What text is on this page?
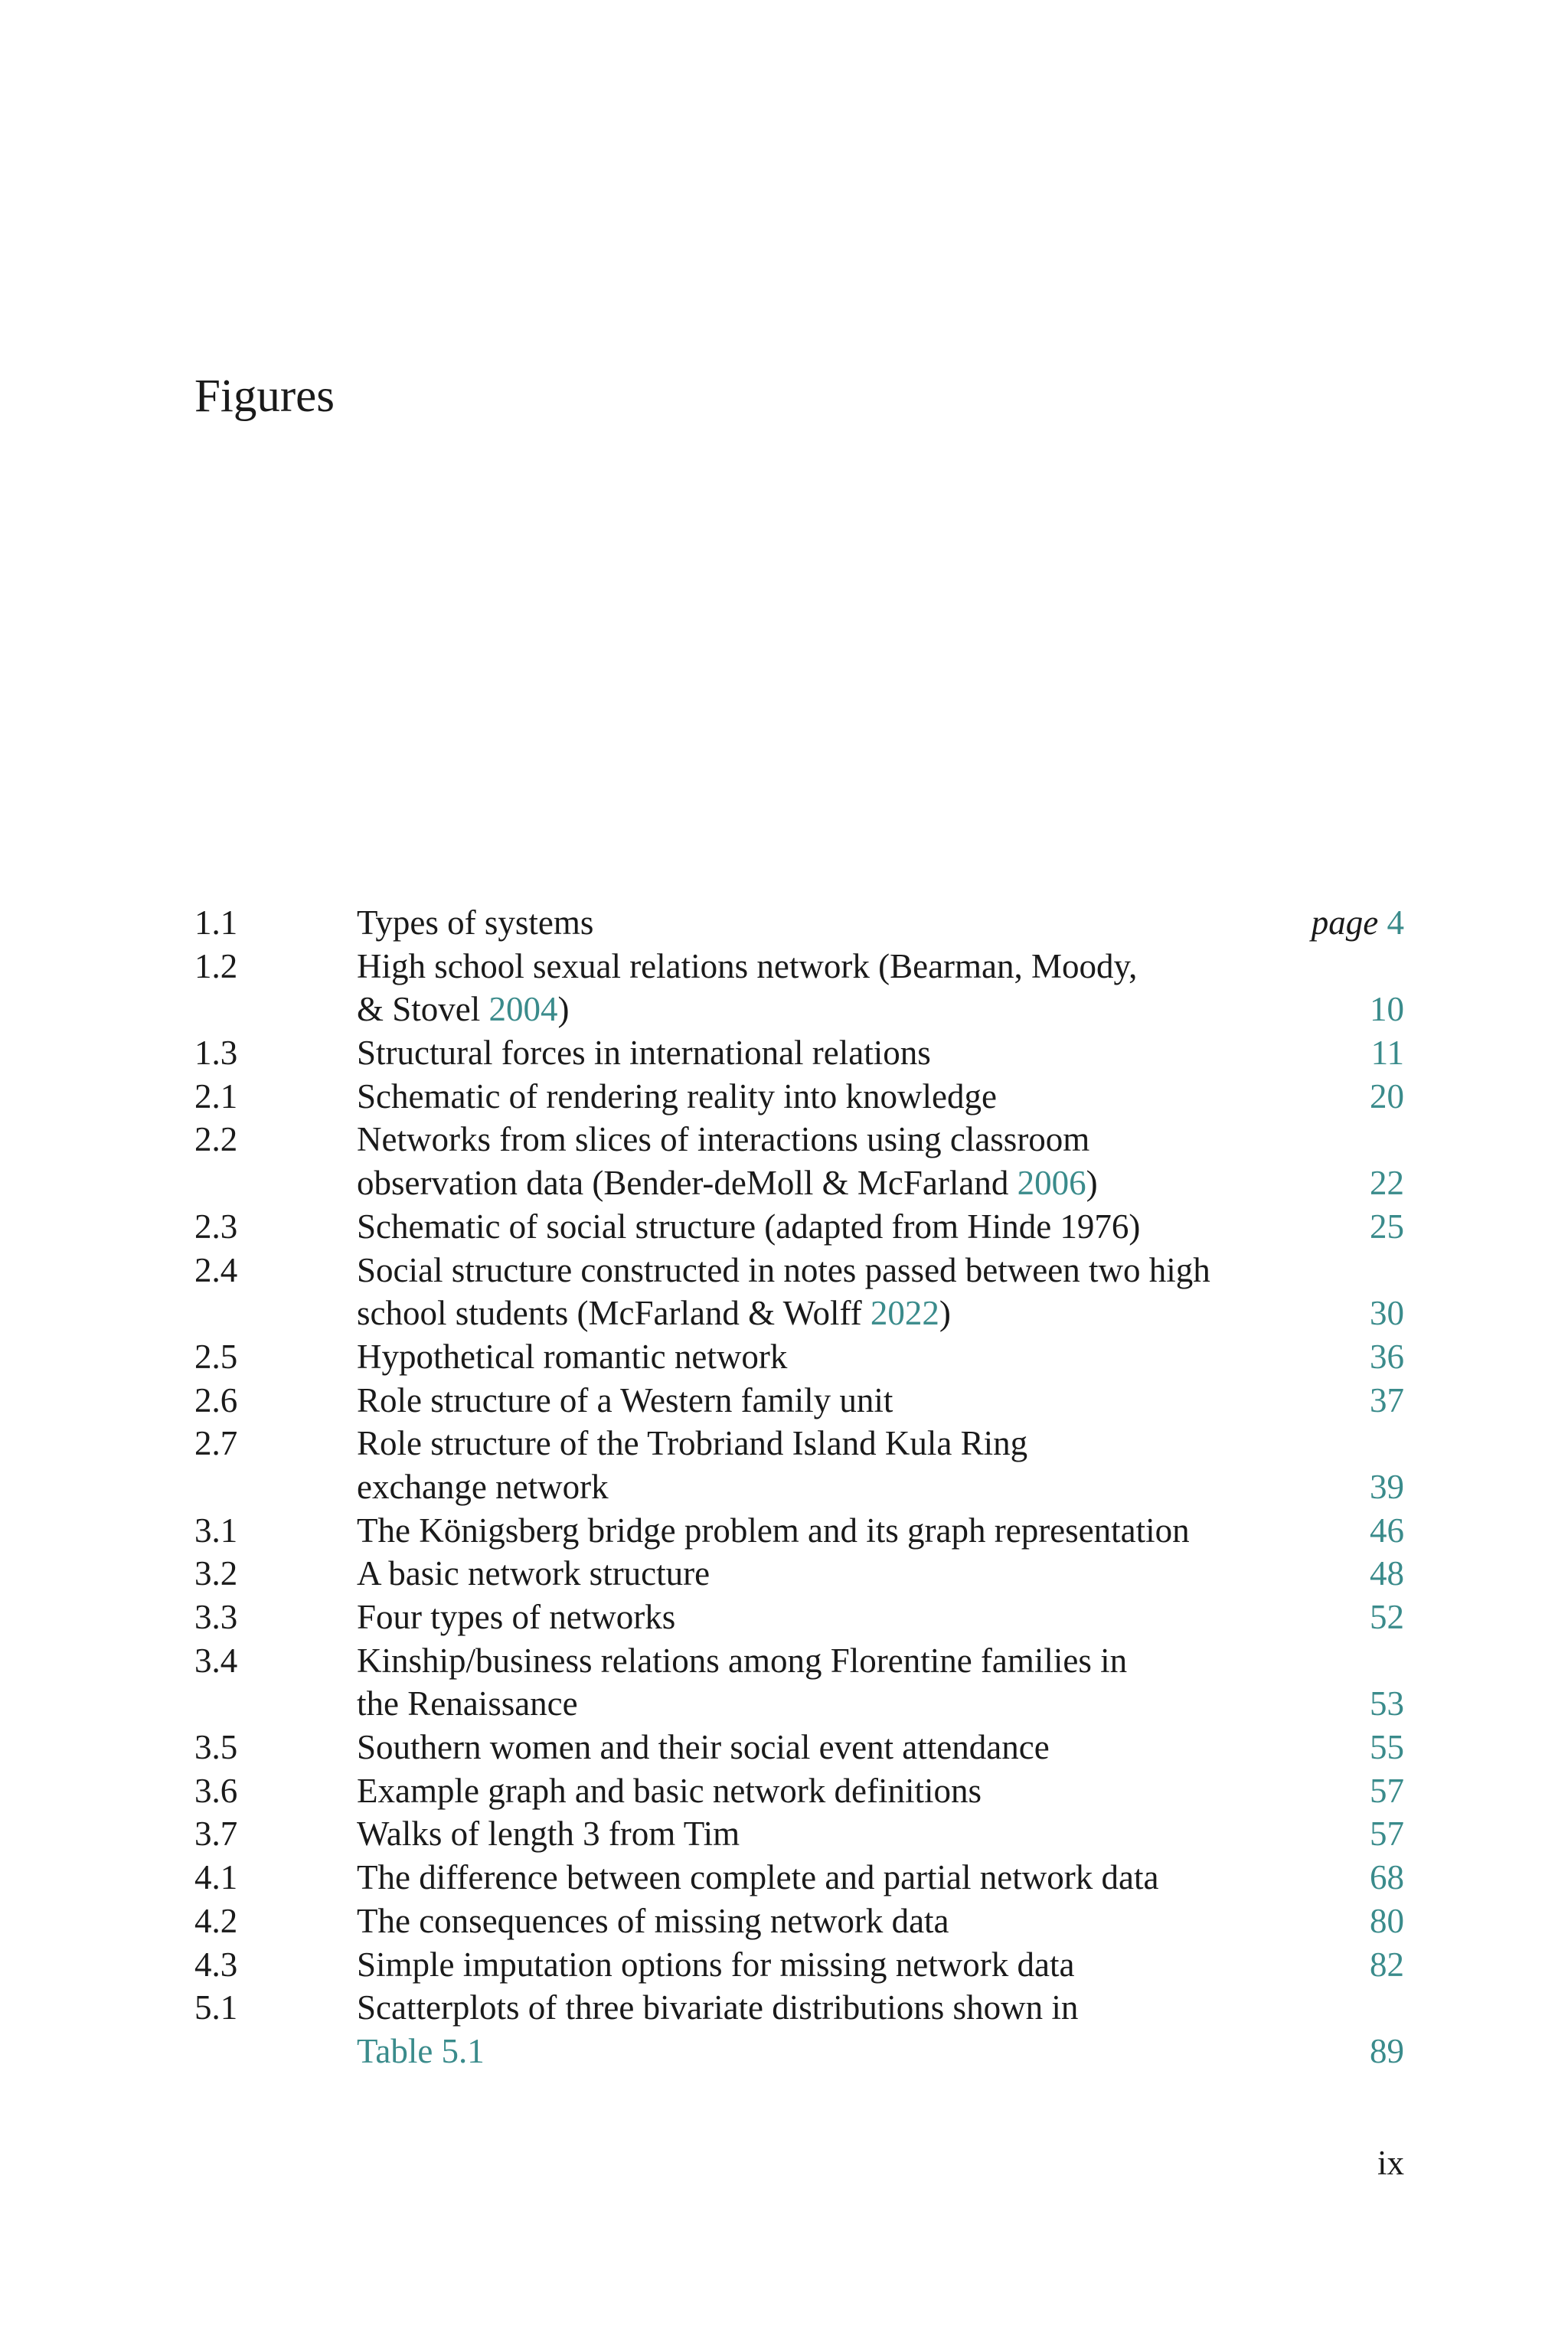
Figures
1.1	Types of systems	page 4
1.2	High school sexual relations network (Bearman, Moody,
& Stovel 2004)	10
1.3	Structural forces in international relations	11
2.1	Schematic of rendering reality into knowledge	20
2.2	Networks from slices of interactions using classroom
observation data (Bender-deMoll & McFarland 2006)	22
2.3	Schematic of social structure (adapted from Hinde 1976)	25
2.4	Social structure constructed in notes passed between two high
school students (McFarland & Wolff 2022)	30
2.5	Hypothetical romantic network	36
2.6	Role structure of a Western family unit	37
2.7	Role structure of the Trobriand Island Kula Ring
exchange network	39
3.1	The Königsberg bridge problem and its graph representation	46
3.2	A basic network structure	48
3.3	Four types of networks	52
3.4	Kinship/business relations among Florentine families in
the Renaissance	53
3.5	Southern women and their social event attendance	55
3.6	Example graph and basic network definitions	57
3.7	Walks of length 3 from Tim	57
4.1	The difference between complete and partial network data	68
4.2	The consequences of missing network data	80
4.3	Simple imputation options for missing network data	82
5.1	Scatterplots of three bivariate distributions shown in
Table 5.1	89
ix
